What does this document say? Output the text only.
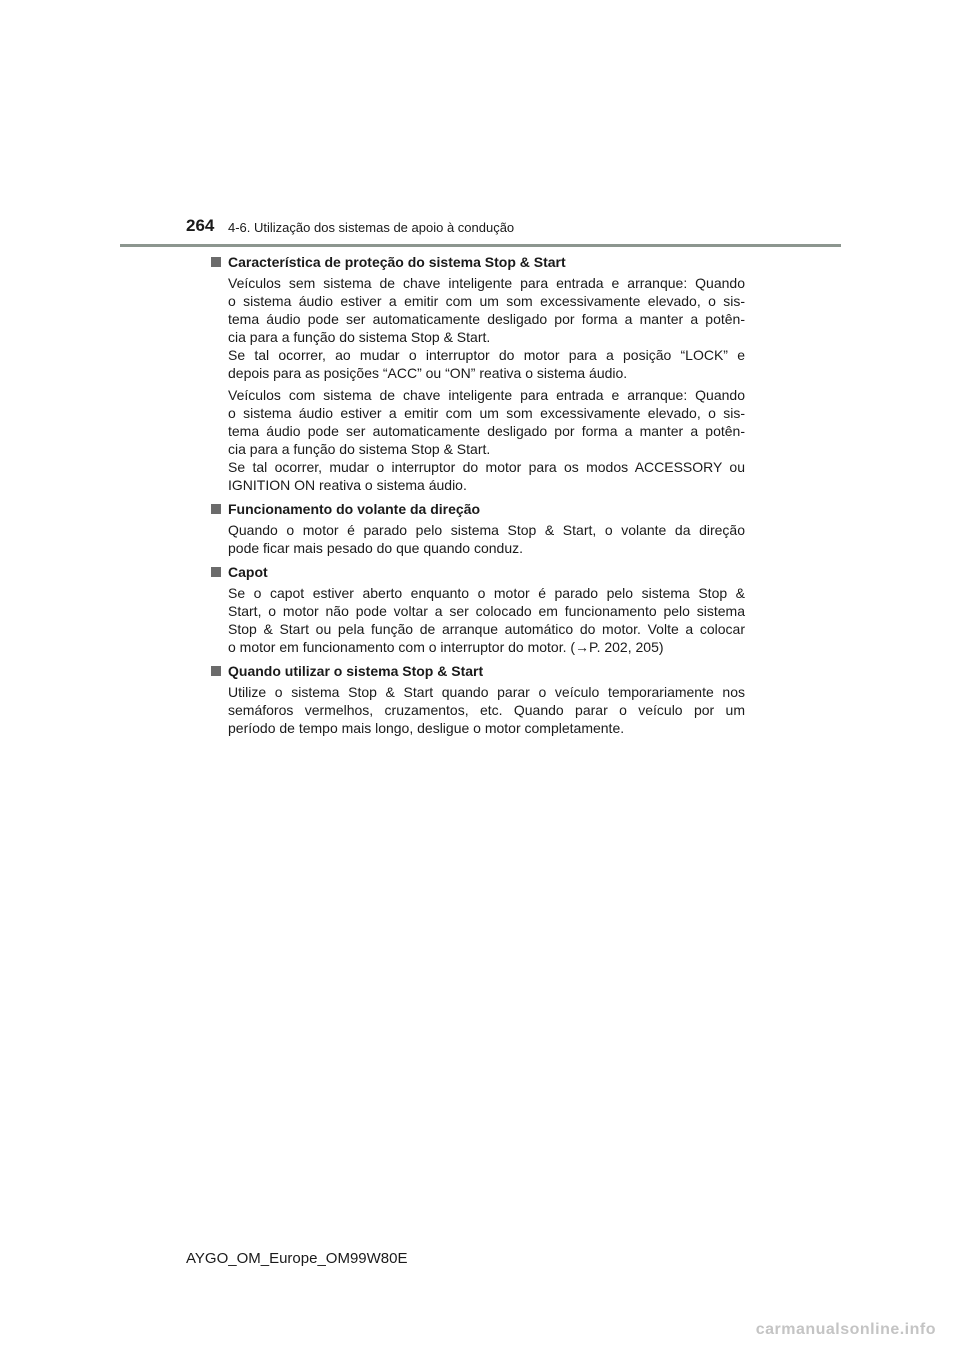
264 4-6. Utilização dos sistemas de apoio à condução
Característica de proteção do sistema Stop & Start
Veículos sem sistema de chave inteligente para entrada e arranque: Quando
o sistema áudio estiver a emitir com um som excessivamente elevado, o sis-
tema áudio pode ser automaticamente desligado por forma a manter a potên-
cia para a função do sistema Stop & Start.
Se tal ocorrer, ao mudar o interruptor do motor para a posição “LOCK” e
depois para as posições “ACC” ou “ON” reativa o sistema áudio.
Veículos com sistema de chave inteligente para entrada e arranque: Quando
o sistema áudio estiver a emitir com um som excessivamente elevado, o sis-
tema áudio pode ser automaticamente desligado por forma a manter a potên-
cia para a função do sistema Stop & Start.
Se tal ocorrer, mudar o interruptor do motor para os modos ACCESSORY ou
IGNITION ON reativa o sistema áudio.
Funcionamento do volante da direção
Quando o motor é parado pelo sistema Stop & Start, o volante da direção
pode ficar mais pesado do que quando conduz.
Capot
Se o capot estiver aberto enquanto o motor é parado pelo sistema Stop &
Start, o motor não pode voltar a ser colocado em funcionamento pelo sistema
Stop & Start ou pela função de arranque automático do motor. Volte a colocar
o motor em funcionamento com o interruptor do motor. (→P. 202, 205)
Quando utilizar o sistema Stop & Start
Utilize o sistema Stop & Start quando parar o veículo temporariamente nos
semáforos vermelhos, cruzamentos, etc. Quando parar o veículo por um
período de tempo mais longo, desligue o motor completamente.
AYGO_OM_Europe_OM99W80E
carmanualsonline.info
